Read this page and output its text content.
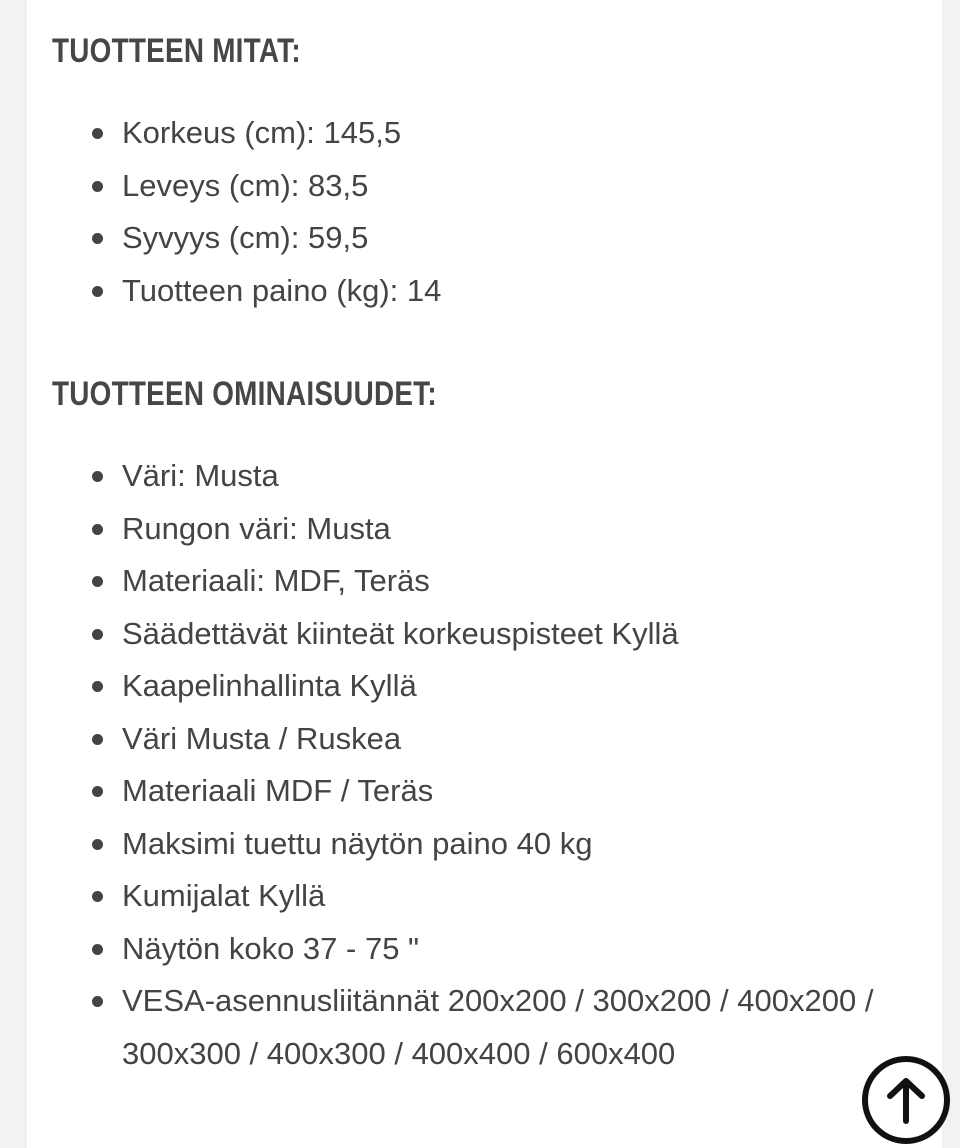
TUOTTEEN MITAT:
Korkeus (cm): 145,5
Leveys (cm): 83,5
Syvyys (cm): 59,5
Tuotteen paino (kg): 14
TUOTTEEN OMINAISUUDET:
Väri: Musta
Rungon väri: Musta
Materiaali: MDF, Teräs
Säädettävät kiinteät korkeuspisteet Kyllä
Kaapelinhallinta Kyllä
Väri Musta / Ruskea
Materiaali MDF / Teräs
Maksimi tuettu näytön paino 40 kg
Kumijalat Kyllä
Näytön koko 37 - 75 "
VESA-asennusliitännät 200x200 / 300x200 / 400x200 / 300x300 / 400x300 / 400x400 / 600x400
